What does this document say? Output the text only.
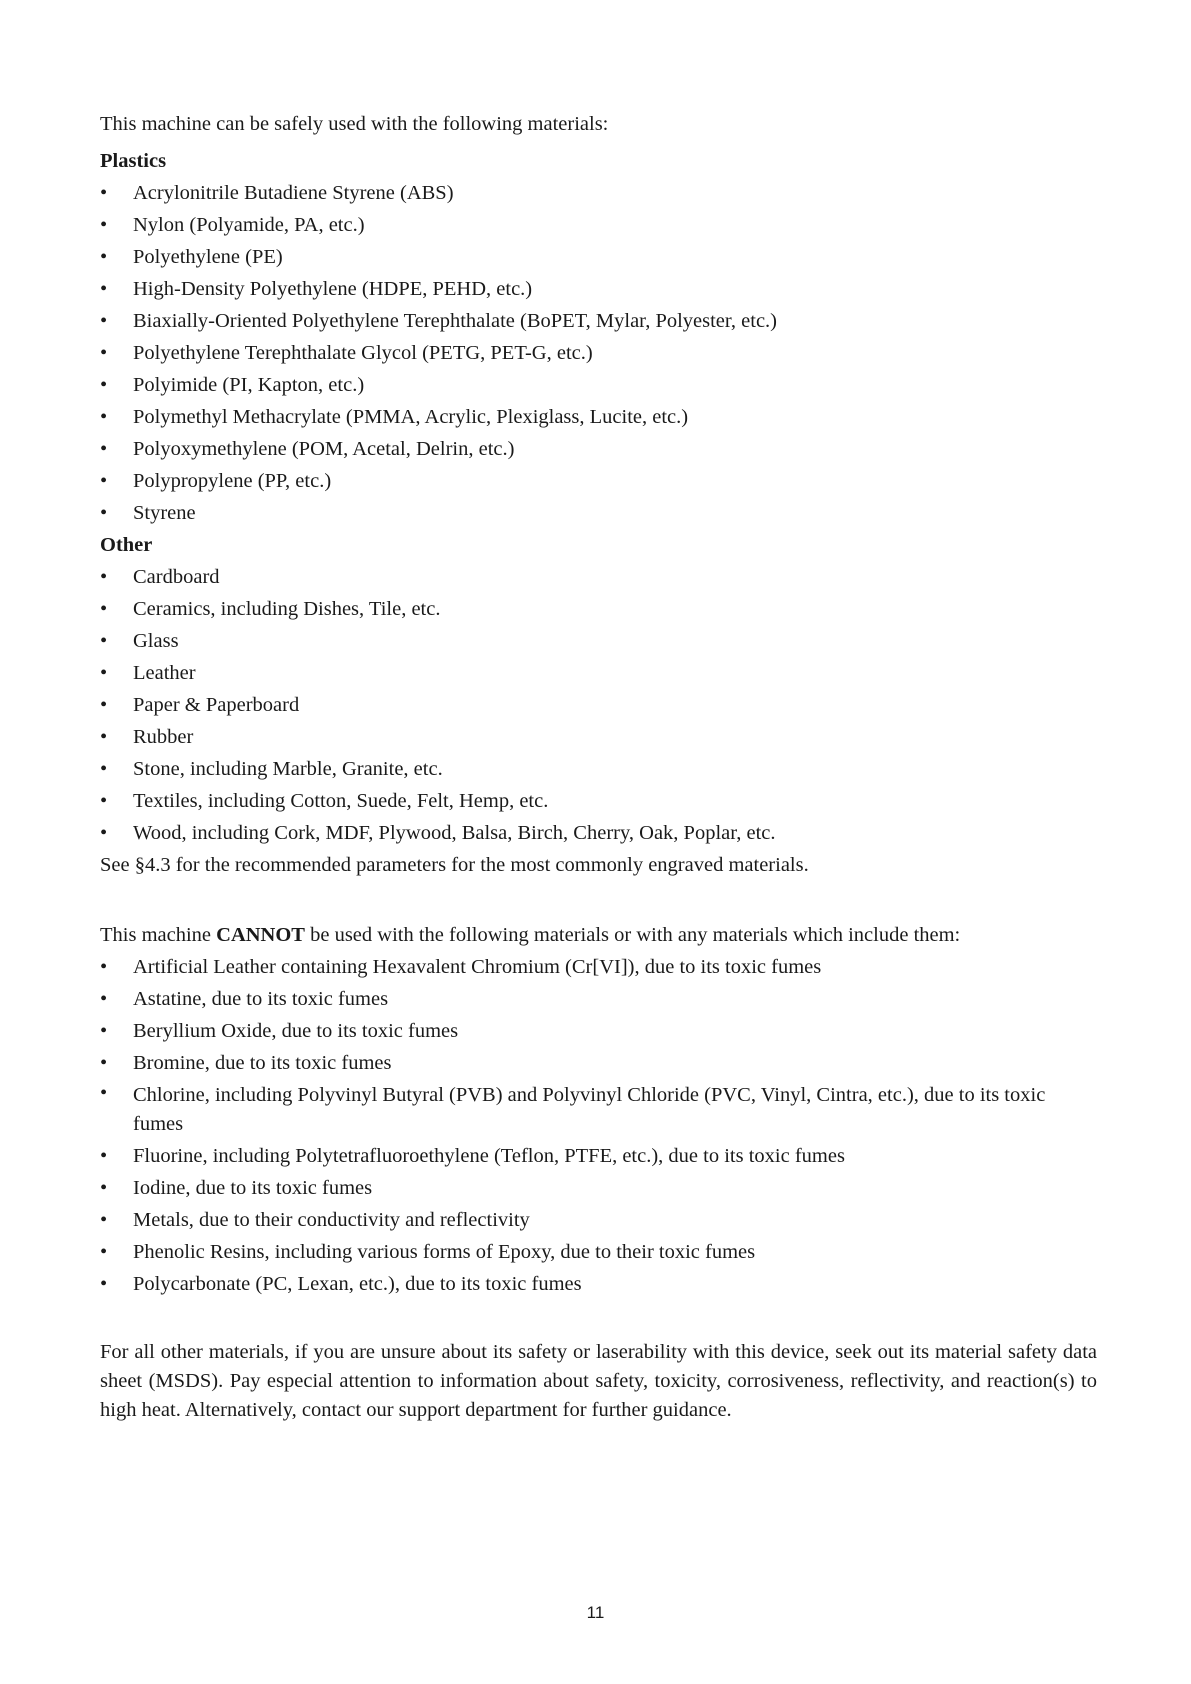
This machine can be safely used with the following materials:

Plastics

•	Acrylonitrile Butadiene Styrene (ABS)
•	Nylon (Polyamide, PA, etc.)
•	Polyethylene (PE)
•	High-Density Polyethylene (HDPE, PEHD, etc.)
•	Biaxially-Oriented Polyethylene Terephthalate (BoPET, Mylar, Polyester, etc.)
•	Polyethylene Terephthalate Glycol (PETG, PET-G, etc.)
•	Polyimide (PI, Kapton, etc.)
•	Polymethyl Methacrylate (PMMA, Acrylic, Plexiglass, Lucite, etc.)
•	Polyoxymethylene (POM, Acetal, Delrin, etc.)
•	Polypropylene (PP, etc.)
•	Styrene

Other

•	Cardboard
•	Ceramics, including Dishes, Tile, etc.
•	Glass
•	Leather
•	Paper & Paperboard
•	Rubber
•	Stone, including Marble, Granite, etc.
•	Textiles, including Cotton, Suede, Felt, Hemp, etc.
•	Wood, including Cork, MDF, Plywood, Balsa, Birch, Cherry, Oak, Poplar, etc.

See §4.3 for the recommended parameters for the most commonly engraved materials.

This machine CANNOT be used with the following materials or with any materials which include them:

•	Artificial Leather containing Hexavalent Chromium (Cr[VI]), due to its toxic fumes
•	Astatine, due to its toxic fumes
•	Beryllium Oxide, due to its toxic fumes
•	Bromine, due to its toxic fumes
•	Chlorine, including Polyvinyl Butyral (PVB) and Polyvinyl Chloride (PVC, Vinyl, Cintra, etc.), due to its toxic fumes
•	Fluorine, including Polytetrafluoroethylene (Teflon, PTFE, etc.), due to its toxic fumes
•	Iodine, due to its toxic fumes
•	Metals, due to their conductivity and reflectivity
•	Phenolic Resins, including various forms of Epoxy, due to their toxic fumes
•	Polycarbonate (PC, Lexan, etc.), due to its toxic fumes

For all other materials, if you are unsure about its safety or laserability with this device, seek out its material safety data sheet (MSDS). Pay especial attention to information about safety, toxicity, corrosiveness, reflectivity, and reaction(s) to high heat. Alternatively, contact our support department for further guidance.

11
